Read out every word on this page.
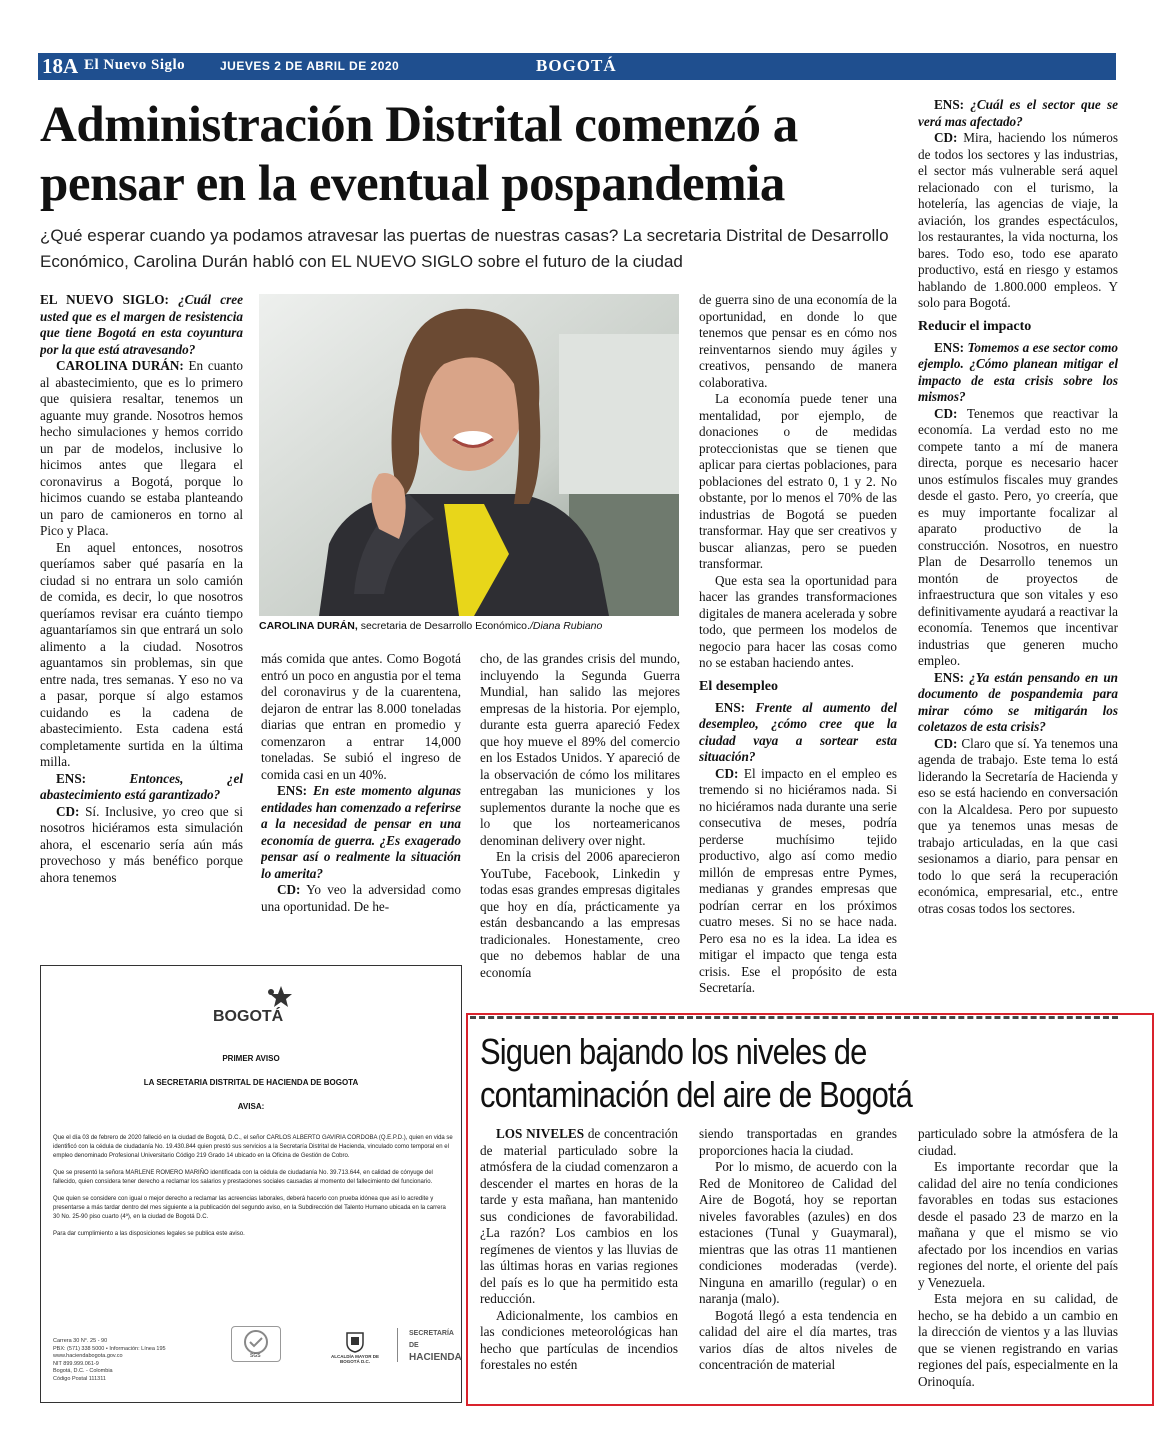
18A El Nuevo Siglo	JUEVES 2 DE ABRIL DE 2020	BOGOTÁ
Administración Distrital comenzó a
pensar en la eventual pospandemia

¿Qué esperar cuando ya podamos atravesar las puertas de nuestras casas? La secretaria Distrital de Desarrollo Económico, Carolina Durán habló con EL NUEVO SIGLO sobre el futuro de la ciudad

EL NUEVO SIGLO: ¿Cuál cree usted que es el margen de resistencia que tiene Bogotá en esta coyuntura por la que está atravesando?

CAROLINA DURÁN: En cuanto al abastecimiento, que es lo primero que quisiera resaltar, tenemos un aguante muy grande. Nosotros hemos hecho simulaciones y hemos corrido un par de modelos, inclusive lo hicimos antes que llegara el coronavirus a Bogotá, porque lo hicimos cuando se estaba planteando un paro de camioneros en torno al Pico y Placa.

En aquel entonces, nosotros queríamos saber qué pasaría en la ciudad si no entrara un solo camión de comida, es decir, lo que nosotros queríamos revisar era cuánto tiempo aguantaríamos sin que entrará un solo alimento a la ciudad. Nosotros aguantamos sin problemas, sin que entre nada, tres semanas. Y eso no va a pasar, porque sí algo estamos cuidando es la cadena de abastecimiento. Esta cadena está completamente surtida en la última milla.

ENS: Entonces, ¿el abastecimiento está garantizado?

CD: Sí. Inclusive, yo creo que si nosotros hiciéramos esta simulación ahora, el escenario sería aún más provechoso y más benéfico porque ahora tenemos

CAROLINA DURÁN, secretaria de Desarrollo Económico./Diana Rubiano

más comida que antes. Como Bogotá entró un poco en angustia por el tema del coronavirus y de la cuarentena, dejaron de entrar las 8.000 toneladas diarias que entran en promedio y comenzaron a entrar 14,000 toneladas. Se subió el ingreso de comida casi en un 40%.

ENS: En este momento algunas entidades han comenzado a referirse a la necesidad de pensar en una economía de guerra. ¿Es exagerado pensar así o realmente la situación lo amerita?

CD: Yo veo la adversidad como una oportunidad. De he-

cho, de las grandes crisis del mundo, incluyendo la Segunda Guerra Mundial, han salido las mejores empresas de la historia. Por ejemplo, durante esta guerra apareció Fedex que hoy mueve el 89% del comercio en los Estados Unidos. Y apareció de la observación de cómo los militares entregaban las municiones y los suplementos durante la noche que es lo que los norteamericanos denominan delivery over night.

En la crisis del 2006 aparecieron YouTube, Facebook, Linkedin y todas esas grandes empresas digitales que hoy en día, prácticamente ya están desbancando a las empresas tradicionales. Honestamente, creo que no debemos hablar de una economía

de guerra sino de una economía de la oportunidad, en donde lo que tenemos que pensar es en cómo nos reinventarnos siendo muy ágiles y creativos, pensando de manera colaborativa.

La economía puede tener una mentalidad, por ejemplo, de donaciones o de medidas proteccionistas que se tienen que aplicar para ciertas poblaciones, para poblaciones del estrato 0, 1 y 2. No obstante, por lo menos el 70% de las industrias de Bogotá se pueden transformar. Hay que ser creativos y buscar alianzas, pero se pueden transformar.

Que esta sea la oportunidad para hacer las grandes transformaciones digitales de manera acelerada y sobre todo, que permeen los modelos de negocio para hacer las cosas como no se estaban haciendo antes.

El desempleo

ENS: Frente al aumento del desempleo, ¿cómo cree que la ciudad vaya a sortear esta situación?

CD: El impacto en el empleo es tremendo si no hiciéramos nada. Si no hiciéramos nada durante una serie consecutiva de meses, podría perderse muchísimo tejido productivo, algo así como medio millón de empresas entre Pymes, medianas y grandes empresas que podrían cerrar en los próximos cuatro meses. Si no se hace nada. Pero esa no es la idea. La idea es mitigar el impacto que tenga esta crisis. Ese el propósito de esta Secretaría.

ENS: ¿Cuál es el sector que se verá mas afectado?

CD: Mira, haciendo los números de todos los sectores y las industrias, el sector más vulnerable será aquel relacionado con el turismo, la hotelería, las agencias de viaje, la aviación, los grandes espectáculos, los restaurantes, la vida nocturna, los bares. Todo eso, todo ese aparato productivo, está en riesgo y estamos hablando de 1.800.000 empleos. Y solo para Bogotá.

Reducir el impacto

ENS: Tomemos a ese sector como ejemplo. ¿Cómo planean mitigar el impacto de esta crisis sobre los mismos?

CD: Tenemos que reactivar la economía. La verdad esto no me compete tanto a mí de manera directa, porque es necesario hacer unos estímulos fiscales muy grandes desde el gasto. Pero, yo creería, que es muy importante focalizar al aparato productivo de la construcción. Nosotros, en nuestro Plan de Desarrollo tenemos un montón de proyectos de infraestructura que son vitales y eso definitivamente ayudará a reactivar la economía. Tenemos que incentivar industrias que generen mucho empleo.

ENS: ¿Ya están pensando en un documento de pospandemia para mirar cómo se mitigarán los coletazos de esta crisis?

CD: Claro que sí. Ya tenemos una agenda de trabajo. Este tema lo está liderando la Secretaría de Hacienda y eso se está haciendo en conversación con la Alcaldesa. Pero por supuesto que ya tenemos unas mesas de trabajo articuladas, en la que casi sesionamos a diario, para pensar en todo lo que será la recuperación económica, empresarial, etc., entre otras cosas todos los sectores.

BOGOTÁ
PRIMER AVISO
LA SECRETARIA DISTRITAL DE HACIENDA DE BOGOTA
AVISA:

Que el día 03 de febrero de 2020 falleció en la ciudad de Bogotá, D.C., el señor CARLOS ALBERTO GAVIRIA CORDOBA (Q.E.P.D.), quien en vida se identificó con la cédula de ciudadanía No. 19.430.844 quien prestó sus servicios a la Secretaría Distrital de Hacienda, vinculado como temporal en el empleo denominado Profesional Universitario Código 219 Grado 14 ubicado en la Oficina de Gestión de Cobro.

Que se presentó la señora MARLENE ROMERO MARIÑO identificada con la cédula de ciudadanía No. 39.713.644, en calidad de cónyuge del fallecido, quien considera tener derecho a reclamar los salarios y prestaciones sociales causadas al momento del fallecimiento del funcionario.

Que quien se considere con igual o mejor derecho a reclamar las acreencias laborales, deberá hacerlo con prueba idónea que así lo acredite y presentarse a más tardar dentro del mes siguiente a la publicación del segundo aviso, en la Subdirección del Talento Humano ubicada en la carrera 30 No. 25-90 piso cuarto (4º), en la ciudad de Bogotá D.C.

Para dar cumplimiento a las disposiciones legales se publica este aviso.

Carrera 30 N°. 25 - 90
PBX: (571) 338 5000 • Información: Línea 195
www.haciendabogota.gov.co
NIT 899.999.061-9
Bogotá, D.C. - Colombia
Código Postal 111311
SGS	ALCALDÍA MAYOR DE BOGOTÁ D.C.
SECRETARÍA DE
HACIENDA
Siguen bajando los niveles de
contaminación del aire de Bogotá

LOS NIVELES de concentración de material particulado sobre la atmósfera de la ciudad comenzaron a descender el martes en horas de la tarde y esta mañana, han mantenido sus condiciones de favorabilidad. ¿La razón? Los cambios en los regímenes de vientos y las lluvias de las últimas horas en varias regiones del país es lo que ha permitido esta reducción.

Adicionalmente, los cambios en las condiciones meteorológicas han hecho que partículas de incendios forestales no estén

siendo transportadas en grandes proporciones hacia la ciudad.

Por lo mismo, de acuerdo con la Red de Monitoreo de Calidad del Aire de Bogotá, hoy se reportan niveles favorables (azules) en dos estaciones (Tunal y Guaymaral), mientras que las otras 11 mantienen condiciones moderadas (verde). Ninguna en amarillo (regular) o en naranja (malo).

Bogotá llegó a esta tendencia en calidad del aire el día martes, tras varios días de altos niveles de concentración de material

particulado sobre la atmósfera de la ciudad.

Es importante recordar que la calidad del aire no tenía condiciones favorables en todas sus estaciones desde el pasado 23 de marzo en la mañana y que el mismo se vio afectado por los incendios en varias regiones del norte, el oriente del país y Venezuela.

Esta mejora en su calidad, de hecho, se ha debido a un cambio en la dirección de vientos y a las lluvias que se vienen registrando en varias regiones del país, especialmente en la Orinoquía.
